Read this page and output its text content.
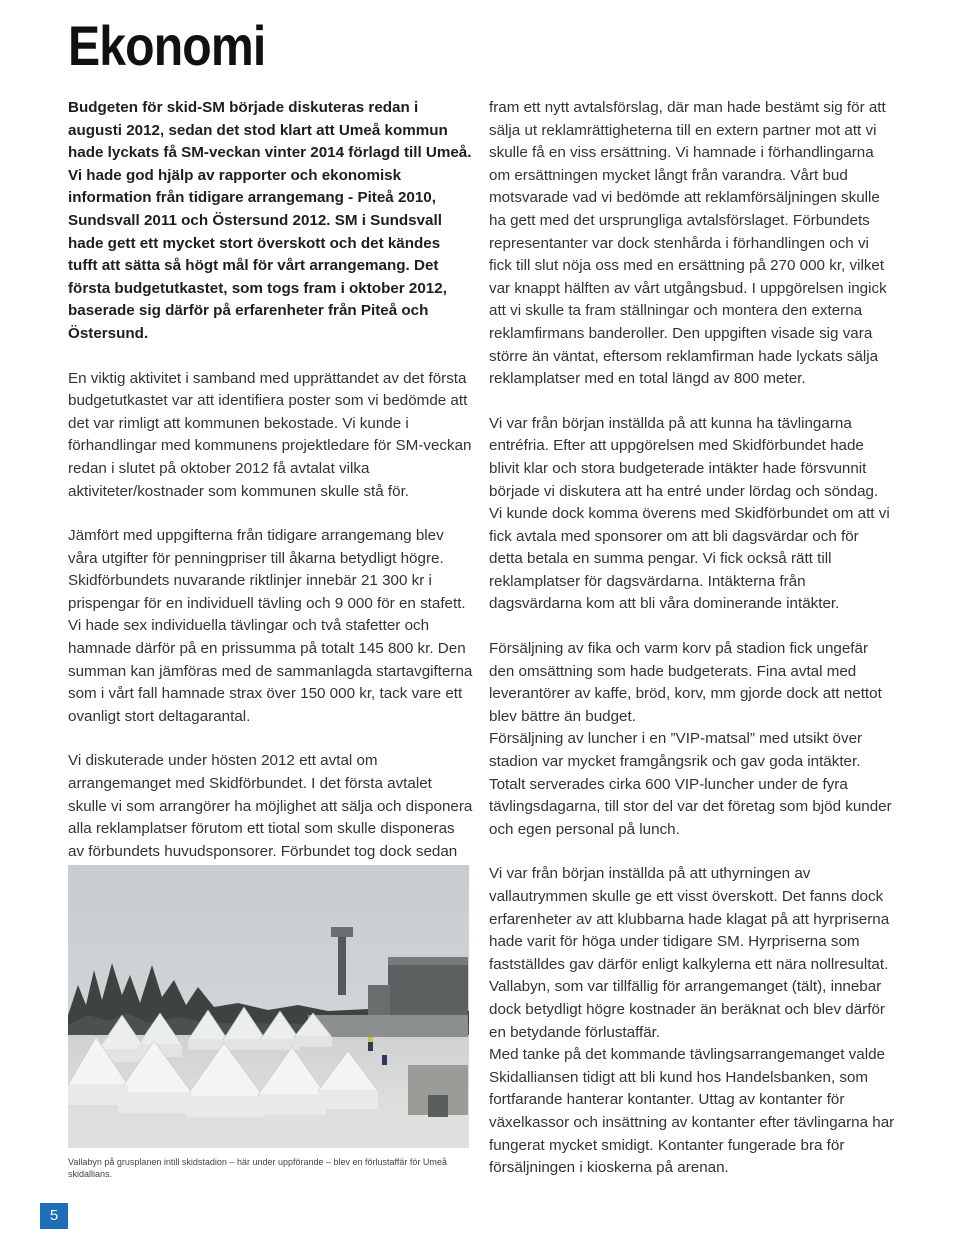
Ekonomi

Budgeten för skid-SM började diskuteras redan i augusti 2012, sedan det stod klart att Umeå kommun hade lyckats få SM-veckan vinter 2014 förlagd till Umeå. Vi hade god hjälp av rapporter och ekonomisk information från tidigare arrangemang - Piteå 2010, Sundsvall 2011 och Östersund 2012. SM i Sundsvall hade gett ett mycket stort överskott och det kändes tufft att sätta så högt mål för vårt arrangemang. Det första budgetutkastet, som togs fram i oktober 2012, baserade sig därför på erfarenheter från Piteå och Östersund.

En viktig aktivitet i samband med upprättandet av det första budgetutkastet var att identifiera poster som vi bedömde att det var rimligt att kommunen bekostade. Vi kunde i förhandlingar med kommunens projektledare för SM-veckan redan i slutet på oktober 2012 få avtalat vilka aktiviteter/kostnader som kommunen skulle stå för.

Jämfört med uppgifterna från tidigare arrangemang blev våra utgifter för penningpriser till åkarna betydligt högre. Skidförbundets nuvarande riktlinjer innebär 21 300 kr i prispengar för en individuell tävling och 9 000 för en stafett. Vi hade sex individuella tävlingar och två stafetter och hamnade därför på en prissumma på totalt 145 800 kr. Den summan kan jämföras med de sammanlagda startavgifterna som i vårt fall hamnade strax över 150 000 kr, tack vare ett ovanligt stort deltagarantal.

Vi diskuterade under hösten 2012 ett avtal om arrangemanget med Skidförbundet. I det första avtalet skulle vi som arrangörer ha möjlighet att sälja och disponera alla reklamplatser förutom ett tiotal som skulle disponeras av förbundets huvudsponsorer. Förbundet tog dock sedan

Vallabyn på grusplanen intill skidstadion – här under uppförande – blev en förlustaffär för Umeå skidallians.

fram ett nytt avtalsförslag, där man hade bestämt sig för att sälja ut reklamrättigheterna till en extern partner mot att vi skulle få en viss ersättning. Vi hamnade i förhandlingarna om ersättningen mycket långt från varandra. Vårt bud motsvarade vad vi bedömde att reklamförsäljningen skulle ha gett med det ursprungliga avtalsförslaget. Förbundets representanter var dock stenhårda i förhandlingen och vi fick till slut nöja oss med en ersättning på 270 000 kr, vilket var knappt hälften av vårt utgångsbud. I uppgörelsen ingick att vi skulle ta fram ställningar och montera den externa reklamfirmans banderoller. Den uppgiften visade sig vara större än väntat, eftersom reklamfirman hade lyckats sälja reklamplatser med en total längd av 800 meter.

Vi var från början inställda på att kunna ha tävlingarna entréfria. Efter att uppgörelsen med Skidförbundet hade blivit klar och stora budgeterade intäkter hade försvunnit började vi diskutera att ha entré under lördag och söndag. Vi kunde dock komma överens med Skidförbundet om att vi fick avtala med sponsorer om att bli dagsvärdar och för detta betala en summa pengar. Vi fick också rätt till reklamplatser för dagsvärdarna. Intäkterna från dagsvärdarna kom att bli våra dominerande intäkter.

Försäljning av fika och varm korv på stadion fick ungefär den omsättning som hade budgeterats. Fina avtal med leverantörer av kaffe, bröd, korv, mm gjorde dock att nettot blev bättre än budget.

Försäljning av luncher i en ”VIP-matsal” med utsikt över stadion var mycket framgångsrik och gav goda intäkter. Totalt serverades cirka 600 VIP-luncher under de fyra tävlingsdagarna, till stor del var det företag som bjöd kunder och egen personal på lunch.

Vi var från början inställda på att uthyrningen av vallautrymmen skulle ge ett visst överskott. Det fanns dock erfarenheter av att klubbarna hade klagat på att hyrpriserna hade varit för höga under tidigare SM. Hyrpriserna som fastställdes gav därför enligt kalkylerna ett nära nollresultat. Vallabyn, som var tillfällig för arrangemanget (tält), innebar dock betydligt högre kostnader än beräknat och blev därför en betydande förlustaffär.

Med tanke på det kommande tävlingsarrangemanget valde Skidalliansen tidigt att bli kund hos Handelsbanken, som fortfarande hanterar kontanter. Uttag av kontanter för växelkassor och insättning av kontanter efter tävlingarna har fungerat mycket smidigt. Kontanter fungerade bra för försäljningen i kioskerna på arenan.

5
